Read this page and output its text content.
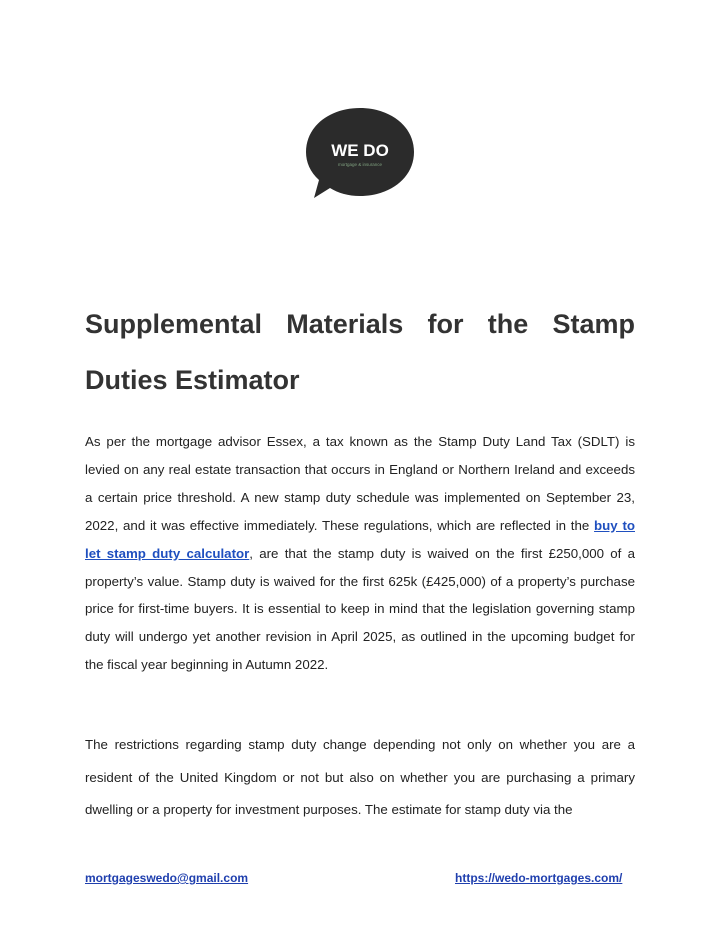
WE DO
mortgage & insurance
Supplemental Materials for the Stamp Duties Estimator

As per the mortgage advisor Essex, a tax known as the Stamp Duty Land Tax (SDLT) is levied on any real estate transaction that occurs in England or Northern Ireland and exceeds a certain price threshold. A new stamp duty schedule was implemented on September 23, 2022, and it was effective immediately. These regulations, which are reflected in the buy to let stamp duty calculator, are that the stamp duty is waived on the first £250,000 of a property’s value. Stamp duty is waived for the first 625k (£425,000) of a property’s purchase price for first-time buyers. It is essential to keep in mind that the legislation governing stamp duty will undergo yet another revision in April 2025, as outlined in the upcoming budget for the fiscal year beginning in Autumn 2022.

The restrictions regarding stamp duty change depending not only on whether you are a resident of the United Kingdom or not but also on whether you are purchasing a primary dwelling or a property for investment purposes. The estimate for stamp duty via the

mortgageswedo@gmail.com	https://wedo-mortgages.com/
